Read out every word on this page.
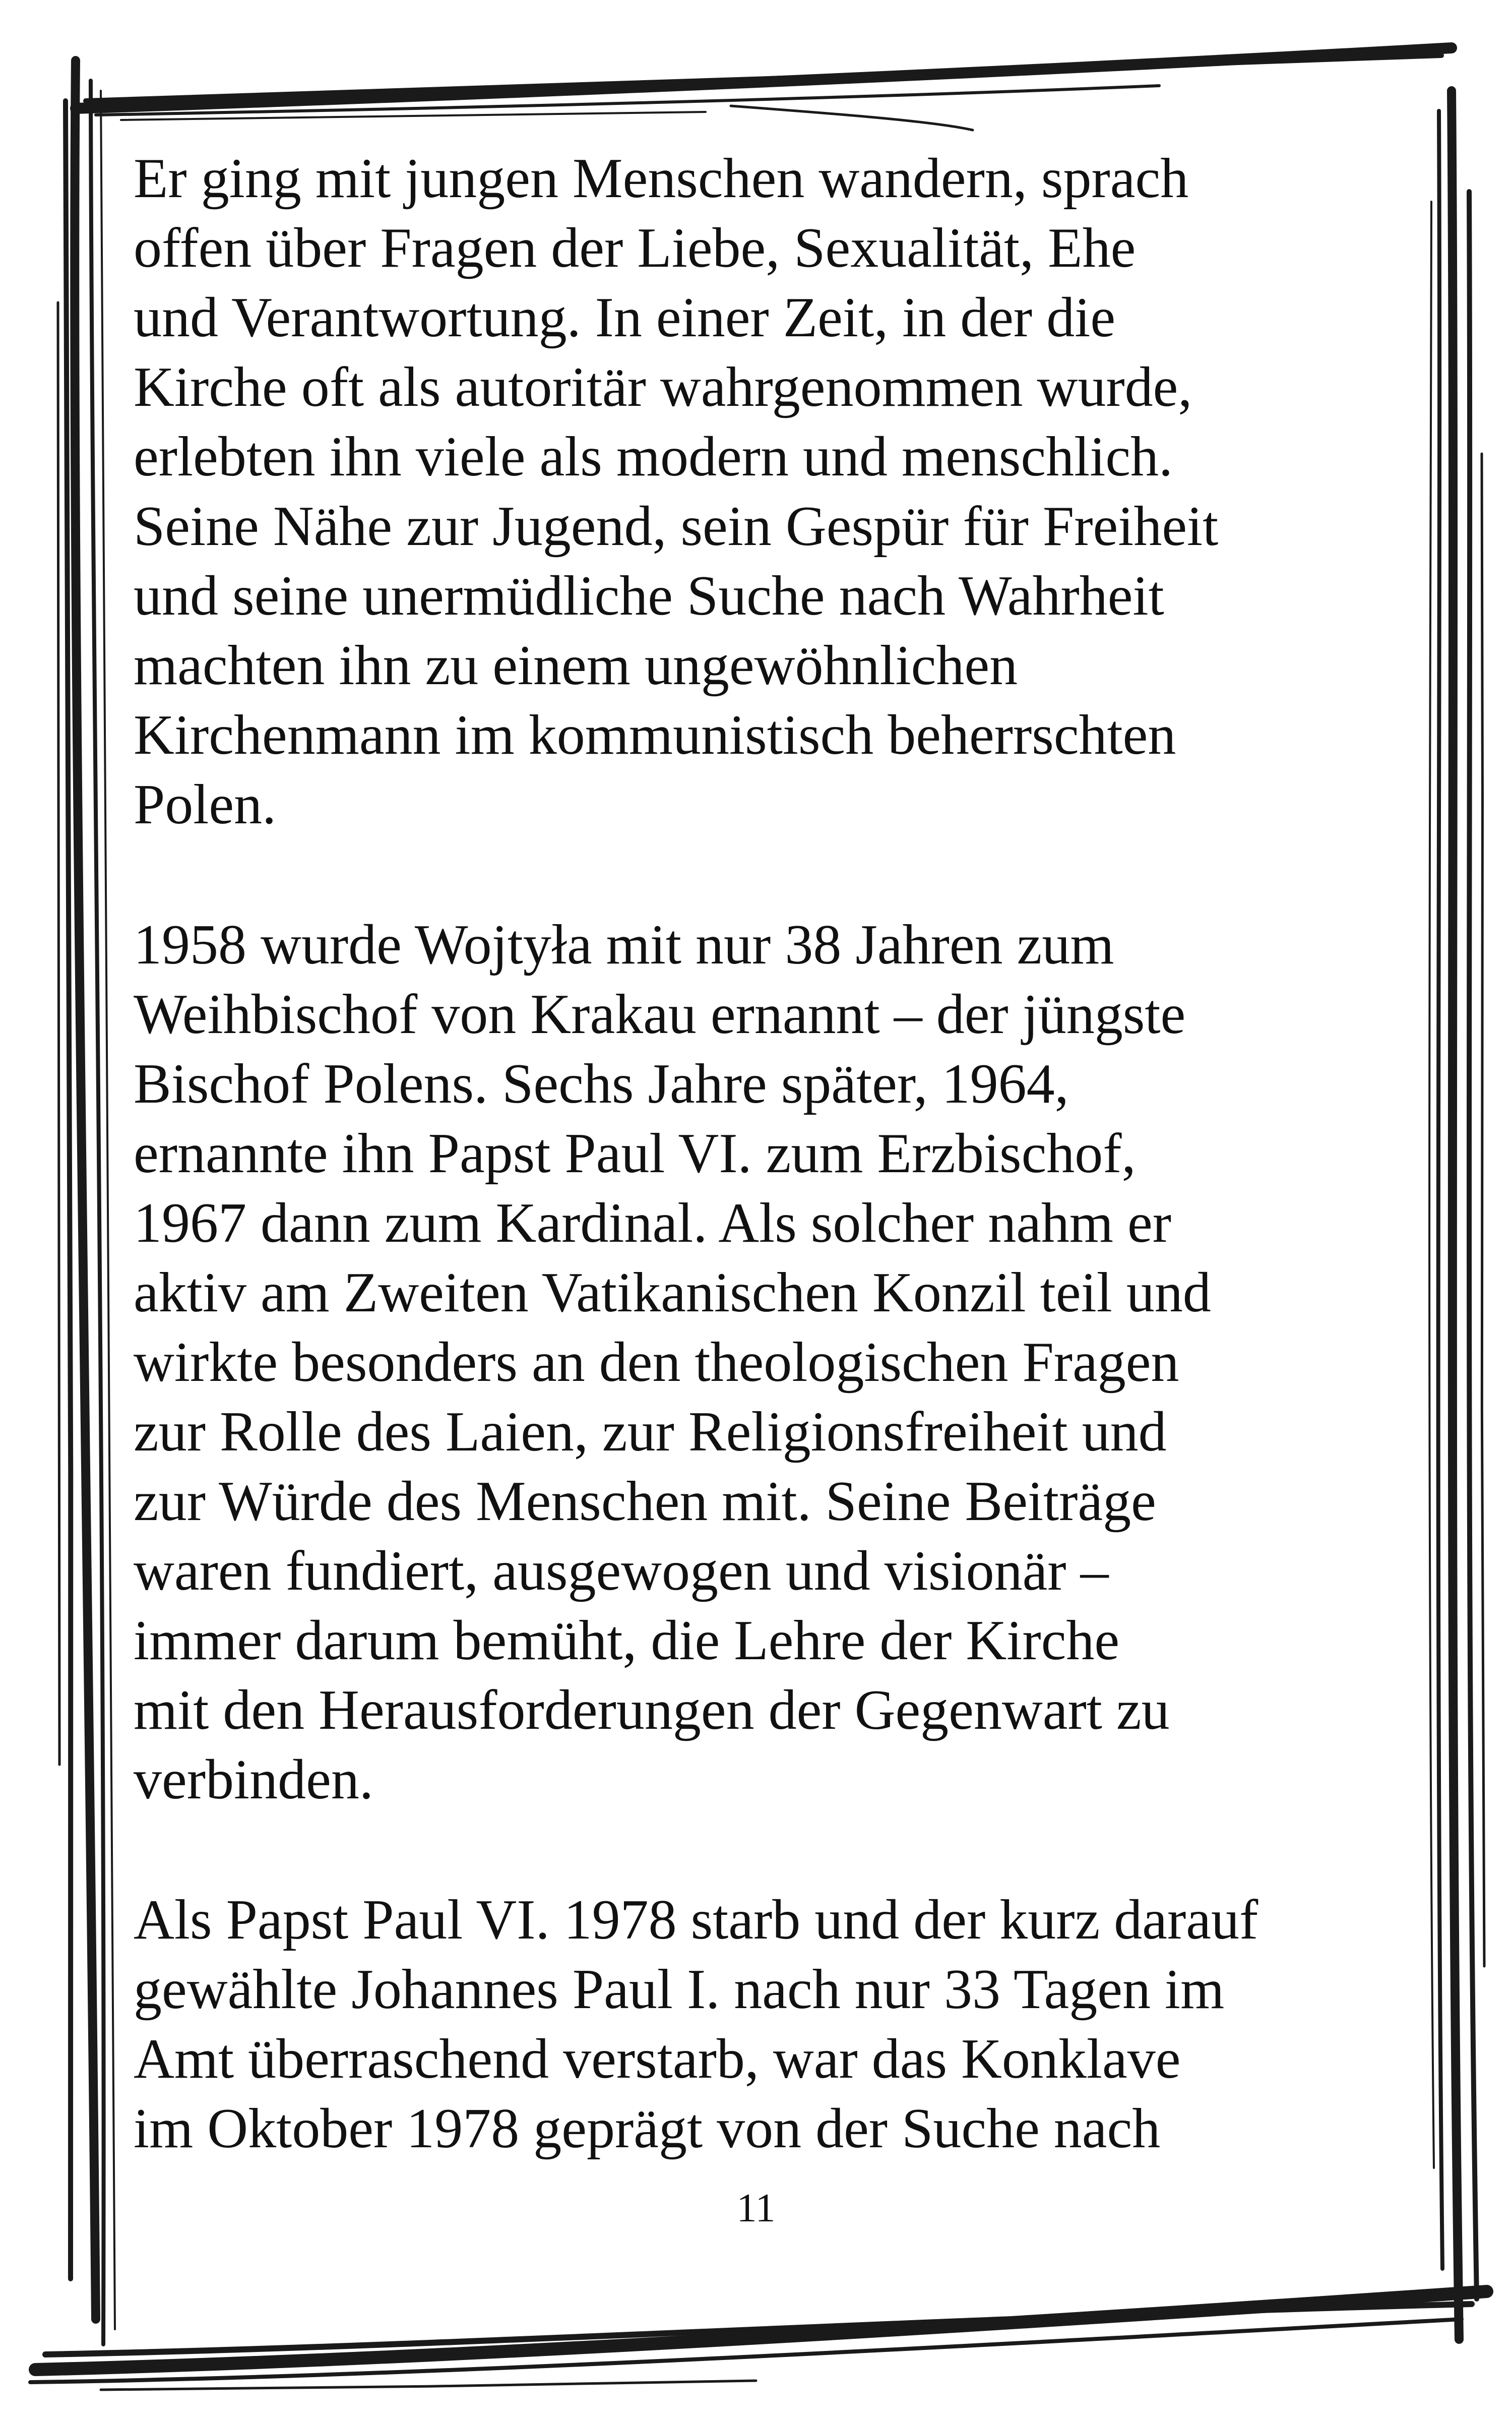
Er ging mit jungen Menschen wandern, sprach
offen über Fragen der Liebe, Sexualität, Ehe
und Verantwortung. In einer Zeit, in der die
Kirche oft als autoritär wahrgenommen wurde,
erlebten ihn viele als modern und menschlich.
Seine Nähe zur Jugend, sein Gespür für Freiheit
und seine unermüdliche Suche nach Wahrheit
machten ihn zu einem ungewöhnlichen
Kirchenmann im kommunistisch beherrschten
Polen.

1958 wurde Wojtyła mit nur 38 Jahren zum
Weihbischof von Krakau ernannt – der jüngste
Bischof Polens. Sechs Jahre später, 1964,
ernannte ihn Papst Paul VI. zum Erzbischof,
1967 dann zum Kardinal. Als solcher nahm er
aktiv am Zweiten Vatikanischen Konzil teil und
wirkte besonders an den theologischen Fragen
zur Rolle des Laien, zur Religionsfreiheit und
zur Würde des Menschen mit. Seine Beiträge
waren fundiert, ausgewogen und visionär –
immer darum bemüht, die Lehre der Kirche
mit den Herausforderungen der Gegenwart zu
verbinden.

Als Papst Paul VI. 1978 starb und der kurz darauf
gewählte Johannes Paul I. nach nur 33 Tagen im
Amt überraschend verstarb, war das Konklave
im Oktober 1978 geprägt von der Suche nach

11
